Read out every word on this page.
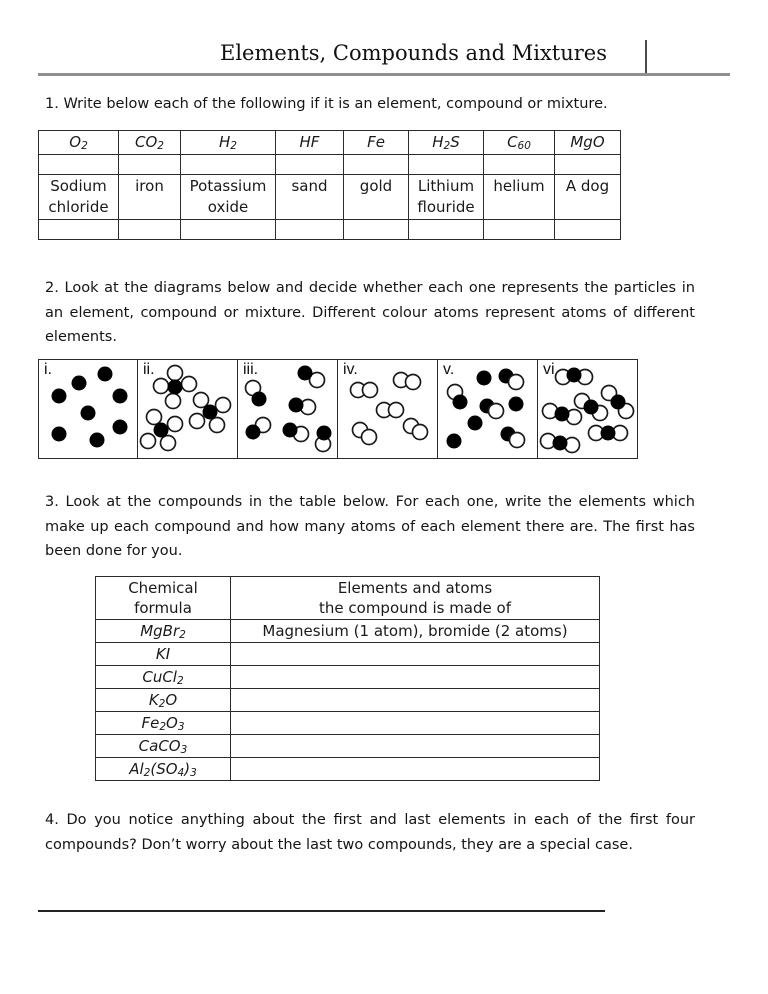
Elements, Compounds and Mixtures

1. Write below each of the following if it is an element, compound or mixture.

$O_2$	$CO_2$	$H_2$	HF	Fe	$H_2S$	$C_{60}$	MgO

Sodium chloride	iron	Potassium oxide	sand	gold	Lithium flouride	helium	A dog

2. Look at the diagrams below and decide whether each one represents the particles in an element, compound or mixture. Different colour atoms represent atoms of different elements.

i.	ii.	iii.	iv.	v.	vi

3. Look at the compounds in the table below. For each one, write the elements which make up each compound and how many atoms of each element there are. The first has been done for you.

Chemical
formula	Elements and atoms
the compound is made of
MgBr$_2$	Magnesium (1 atom), bromide (2 atoms)
KI	
CuCl$_2$	
$K_2O$	
$Fe_2O_3$	
CaCO$_3$	
$Al_2(SO_4)_3$	

4. Do you notice anything about the first and last elements in each of the first four compounds? Don’t worry about the last two compounds, they are a special case.
